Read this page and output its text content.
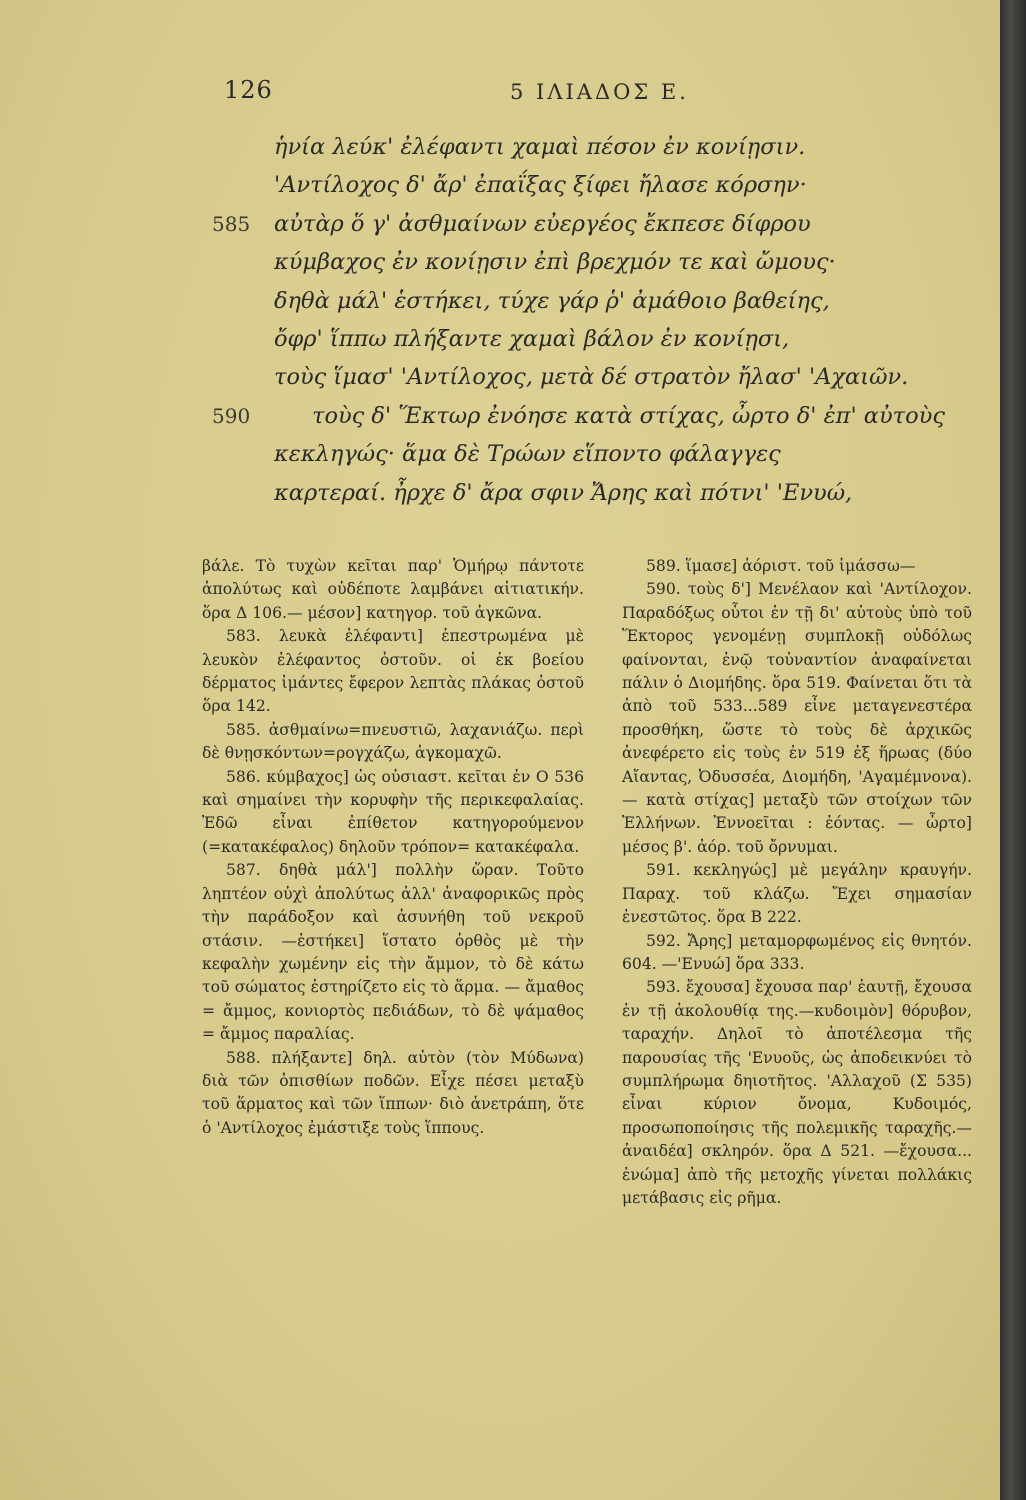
126	5 ΙΛΙΑΔΟΣ Ε.
ἡνία λεύκ' ἐλέφαντι χαμαὶ πέσον ἐν κονίῃσιν.
'Αντίλοχος δ' ἄρ' ἐπαΐξας ξίφει ἤλασε κόρσην·
585 αὐτὰρ ὅ γ' ἀσθμαίνων εὐεργέος ἔκπεσε δίφρου
κύμβαχος ἐν κονίῃσιν ἐπὶ βρεχμόν τε καὶ ὤμους·
δηθὰ μάλ' ἑστήκει, τύχε γάρ ῥ' ἀμάθοιο βαθείης,
ὄφρ' ἵππω πλήξαντε χαμαὶ βάλον ἐν κονίῃσι,
τοὺς ἵμασ' 'Αντίλοχος, μετὰ δέ στρατὸν ἤλασ' 'Αχαιῶν.
590	τοὺς δ' Ἕκτωρ ἐνόησε κατὰ στίχας, ὦρτο δ' ἐπ' αὐτοὺς
κεκληγώς· ἅμα δὲ Τρώων εἵποντο φάλαγγες
καρτεραί. ἦρχε δ' ἄρα σφιν Ἄρης καὶ πότνι' 'Ενυώ,

βάλε. Τὸ τυχὼν κεῖται παρ' Ὁμήρῳ πάντοτε ἀπολύτως καὶ οὐδέποτε λαμβάνει αἰτιατικήν. ὅρα Δ 106.— μέσον] κατηγορ. τοῦ ἀγκῶνα.

583. λευκὰ ἐλέφαντι] ἐπεστρωμένα μὲ λευκὸν ἐλέφαντος ὀστοῦν. οἱ ἐκ βοείου δέρματος ἱμάντες ἔφερον λεπτὰς πλάκας ὀστοῦ ὅρα 142.

585. ἀσθμαίνω=πνευστιῶ, λαχανιάζω. περὶ δὲ θνῃσκόντων=ρογχάζω, ἀγκομαχῶ.

586. κύμβαχος] ὡς οὐσιαστ. κεῖται ἐν Ο 536 καὶ σημαίνει τὴν κορυφὴν τῆς περικεφαλαίας. Ἐδῶ εἶναι ἐπίθετον κατηγορούμενον (=κατακέφαλος) δηλοῦν τρόπον= κατακέφαλα.

587. δηθὰ μάλ'] πολλὴν ὥραν. Τοῦτο ληπτέον οὐχὶ ἀπολύτως ἀλλ' ἀναφορικῶς πρὸς τὴν παράδοξον καὶ ἀσυνήθη τοῦ νεκροῦ στάσιν. —ἑστήκει] ἵστατο ὀρθὸς μὲ τὴν κεφαλὴν χωμένην εἰς τὴν ἄμμον, τὸ δὲ κάτω τοῦ σώματος ἐστηρίζετο εἰς τὸ ἅρμα. — ἄμαθος = ἄμμος, κονιορτὸς πεδιάδων, τὸ δὲ ψάμαθος = ἄμμος παραλίας.

588. πλήξαντε] δηλ. αὐτὸν (τὸν Μύδωνα) διὰ τῶν ὀπισθίων ποδῶν. Εἶχε πέσει μεταξὺ τοῦ ἅρματος καὶ τῶν ἵππων· διὸ ἀνετράπη, ὅτε ὁ 'Αντίλοχος ἐμάστιξε τοὺς ἵππους.

589. ἵμασε] ἀόριστ. τοῦ ἱμάσσω—

590. τοὺς δ'] Μενέλαον καὶ 'Αντίλοχον. Παραδόξως οὗτοι ἐν τῇ δι' αὐτοὺς ὑπὸ τοῦ Ἕκτορος γενομένῃ συμπλοκῇ οὐδόλως φαίνονται, ἐνῷ τοὐναντίον ἀναφαίνεται πάλιν ὁ Διομήδης. ὅρα 519. Φαίνεται ὅτι τὰ ἀπὸ τοῦ 533...589 εἶνε μεταγενεστέρα προσθήκη, ὥστε τὸ τοὺς δὲ ἀρχικῶς ἀνεφέρετο εἰς τοὺς ἐν 519 ἐξ ἥρωας (δύο Αἴαντας, Ὀδυσσέα, Διομήδη, 'Αγαμέμνονα). — κατὰ στίχας] μεταξὺ τῶν στοίχων τῶν Ἑλλήνων. Ἐννοεῖται : ἐόντας. — ὦρτο] μέσος β'. ἀόρ. τοῦ ὄρνυμαι.

591. κεκληγώς] μὲ μεγάλην κραυγήν. Παραχ. τοῦ κλάζω. Ἔχει σημασίαν ἐνεστῶτος. ὅρα Β 222.

592. Ἄρης] μεταμορφωμένος εἰς θνητόν. 604. —'Ενυώ] ὅρα 333.

593. ἔχουσα] ἔχουσα παρ' ἑαυτῇ, ἔχουσα ἐν τῇ ἀκολουθίᾳ της.—κυδοιμὸν] θόρυβον, ταραχήν. Δηλοῖ τὸ ἀποτέλεσμα τῆς παρουσίας τῆς 'Ενυοῦς, ὡς ἀποδεικνύει τὸ συμπλήρωμα δηιοτῆτος. 'Αλλαχοῦ (Σ 535) εἶναι κύριον ὄνομα, Κυδοιμός, προσωποποίησις τῆς πολεμικῆς ταραχῆς.—ἀναιδέα] σκληρόν. ὅρα Δ 521. —ἔχουσα... ἐνώμα] ἀπὸ τῆς μετοχῆς γίνεται πολλάκις μετάβασις εἰς ρῆμα.
